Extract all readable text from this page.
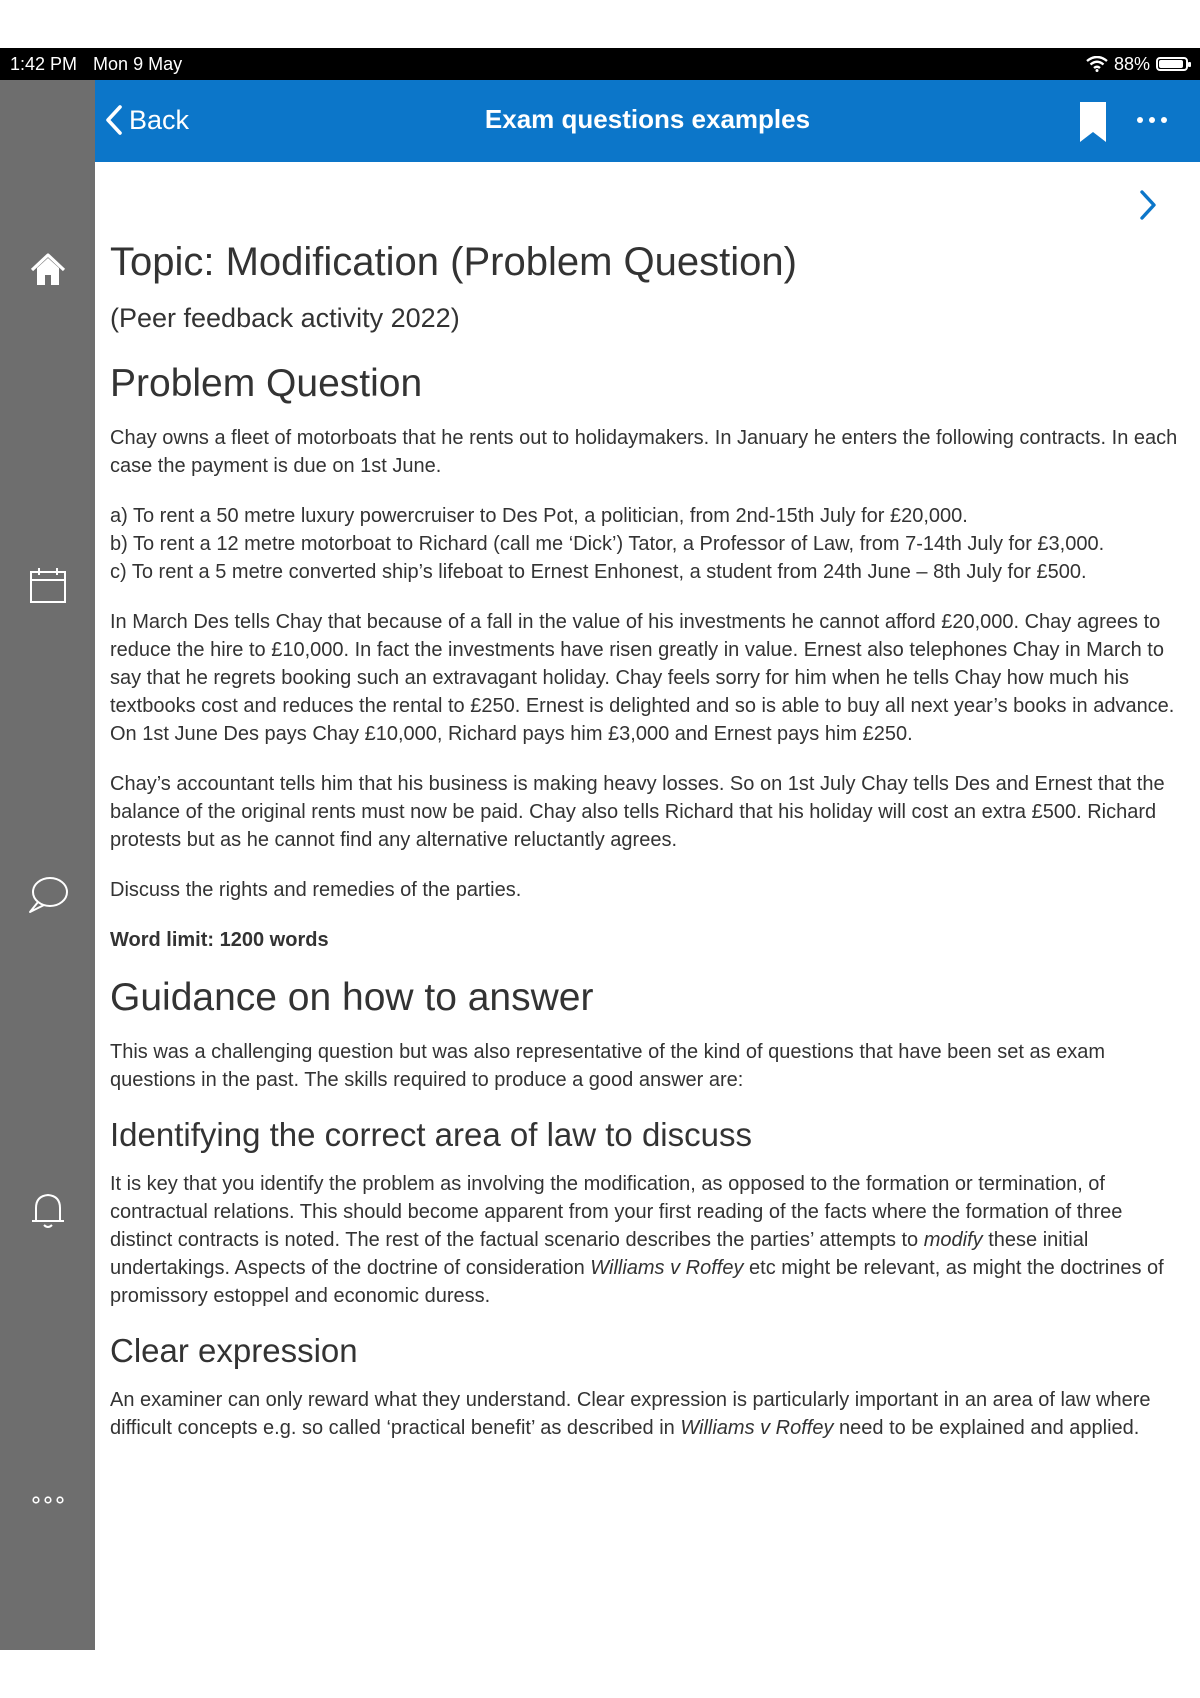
1:42 PM Mon 9 May	88%
Back	Exam questions examples
Topic: Modification (Problem Question)
(Peer feedback activity 2022)
Problem Question

Chay owns a fleet of motorboats that he rents out to holidaymakers. In January he enters the following contracts. In each case the payment is due on 1st June.

a) To rent a 50 metre luxury powercruiser to Des Pot, a politician, from 2nd-15th July for £20,000.

b) To rent a 12 metre motorboat to Richard (call me ‘Dick’) Tator, a Professor of Law, from 7-14th July for £3,000.

c) To rent a 5 metre converted ship’s lifeboat to Ernest Enhonest, a student from 24th June – 8th July for £500.

In March Des tells Chay that because of a fall in the value of his investments he cannot afford £20,000. Chay agrees to reduce the hire to £10,000. In fact the investments have risen greatly in value. Ernest also telephones Chay in March to say that he regrets booking such an extravagant holiday. Chay feels sorry for him when he tells Chay how much his textbooks cost and reduces the rental to £250. Ernest is delighted and so is able to buy all next year’s books in advance. On 1st June Des pays Chay £10,000, Richard pays him £3,000 and Ernest pays him £250.

Chay’s accountant tells him that his business is making heavy losses. So on 1st July Chay tells Des and Ernest that the balance of the original rents must now be paid. Chay also tells Richard that his holiday will cost an extra £500. Richard protests but as he cannot find any alternative reluctantly agrees.

Discuss the rights and remedies of the parties.

Word limit: 1200 words

Guidance on how to answer

This was a challenging question but was also representative of the kind of questions that have been set as exam questions in the past. The skills required to produce a good answer are:

Identifying the correct area of law to discuss

It is key that you identify the problem as involving the modification, as opposed to the formation or termination, of contractual relations. This should become apparent from your first reading of the facts where the formation of three distinct contracts is noted. The rest of the factual scenario describes the parties’ attempts to modify these initial undertakings. Aspects of the doctrine of consideration Williams v Roffey etc might be relevant, as might the doctrines of promissory estoppel and economic duress.

Clear expression

An examiner can only reward what they understand. Clear expression is particularly important in an area of law where difficult concepts e.g. so called ‘practical benefit’ as described in Williams v Roffey need to be explained and applied.
